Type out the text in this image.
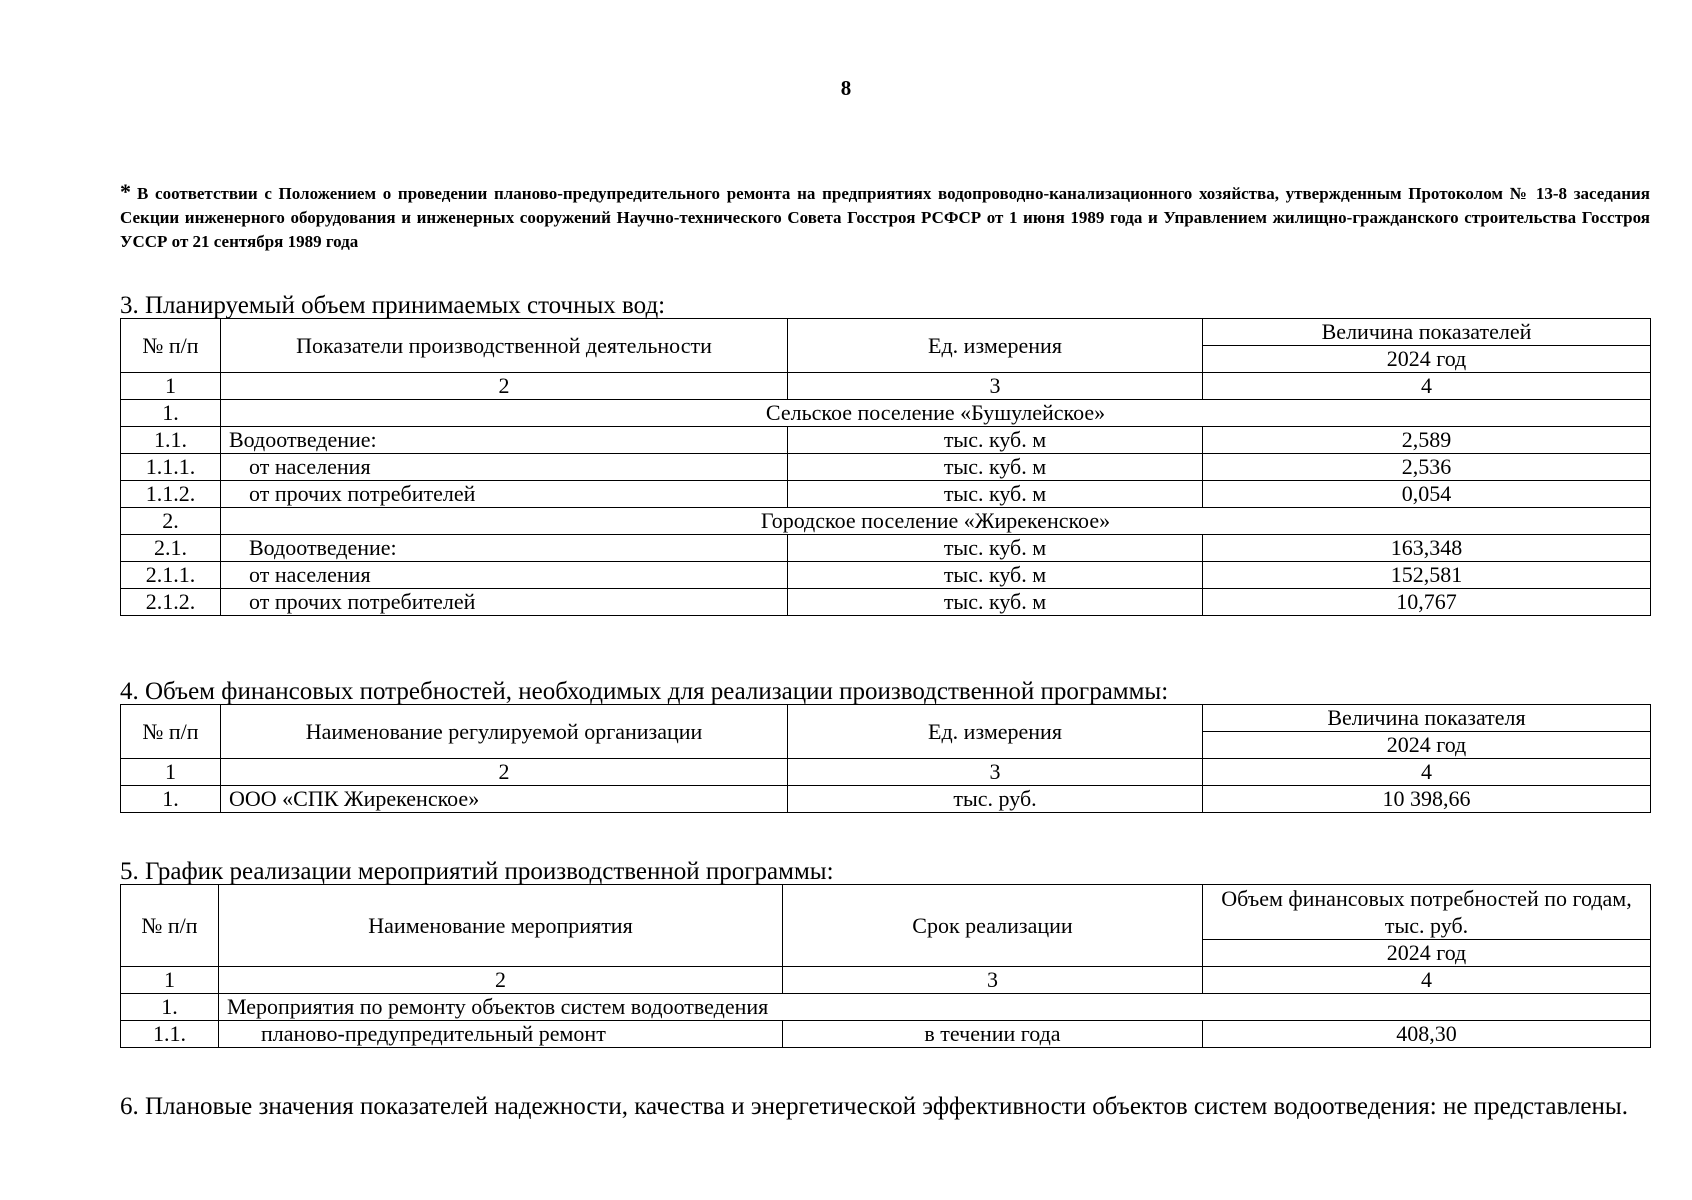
8
* В соответствии с Положением о проведении планово-предупредительного ремонта на предприятиях водопроводно-канализационного хозяйства, утвержденным Протоколом № 13-8 заседания Секции инженерного оборудования и инженерных сооружений Научно-технического Совета Госстроя РСФСР от 1 июня 1989 года и Управлением жилищно-гражданского строительства Госстроя УССР от 21 сентября 1989 года
3. Планируемый объем принимаемых сточных вод:
№ п/п	Показатели производственной деятельности	Ед. измерения	Величина показателей
			2024 год
1	2	3	4
1.	Сельское поселение «Бушулейское»		
1.1.	Водоотведение:	тыс. куб. м	2,589
1.1.1.	от населения	тыс. куб. м	2,536
1.1.2.	от прочих потребителей	тыс. куб. м	0,054
2.	Городское поселение «Жирекенское»		
2.1.	Водоотведение:	тыс. куб. м	163,348
2.1.1.	от населения	тыс. куб. м	152,581
2.1.2.	от прочих потребителей	тыс. куб. м	10,767
4. Объем финансовых потребностей, необходимых для реализации производственной программы:
№ п/п	Наименование регулируемой организации	Ед. измерения	Величина показателя
			2024 год
1	2	3	4
1.	ООО «СПК Жирекенское»	тыс. руб.	10 398,66
5. График реализации мероприятий производственной программы:
№ п/п	Наименование мероприятия	Срок реализации	Объем финансовых потребностей по годам, тыс. руб.
			2024 год
1	2	3	4
1.	Мероприятия по ремонту объектов систем водоотведения		
1.1.	планово-предупредительный ремонт	в течении года	408,30
6. Плановые значения показателей надежности, качества и энергетической эффективности объектов систем водоотведения: не представлены.
